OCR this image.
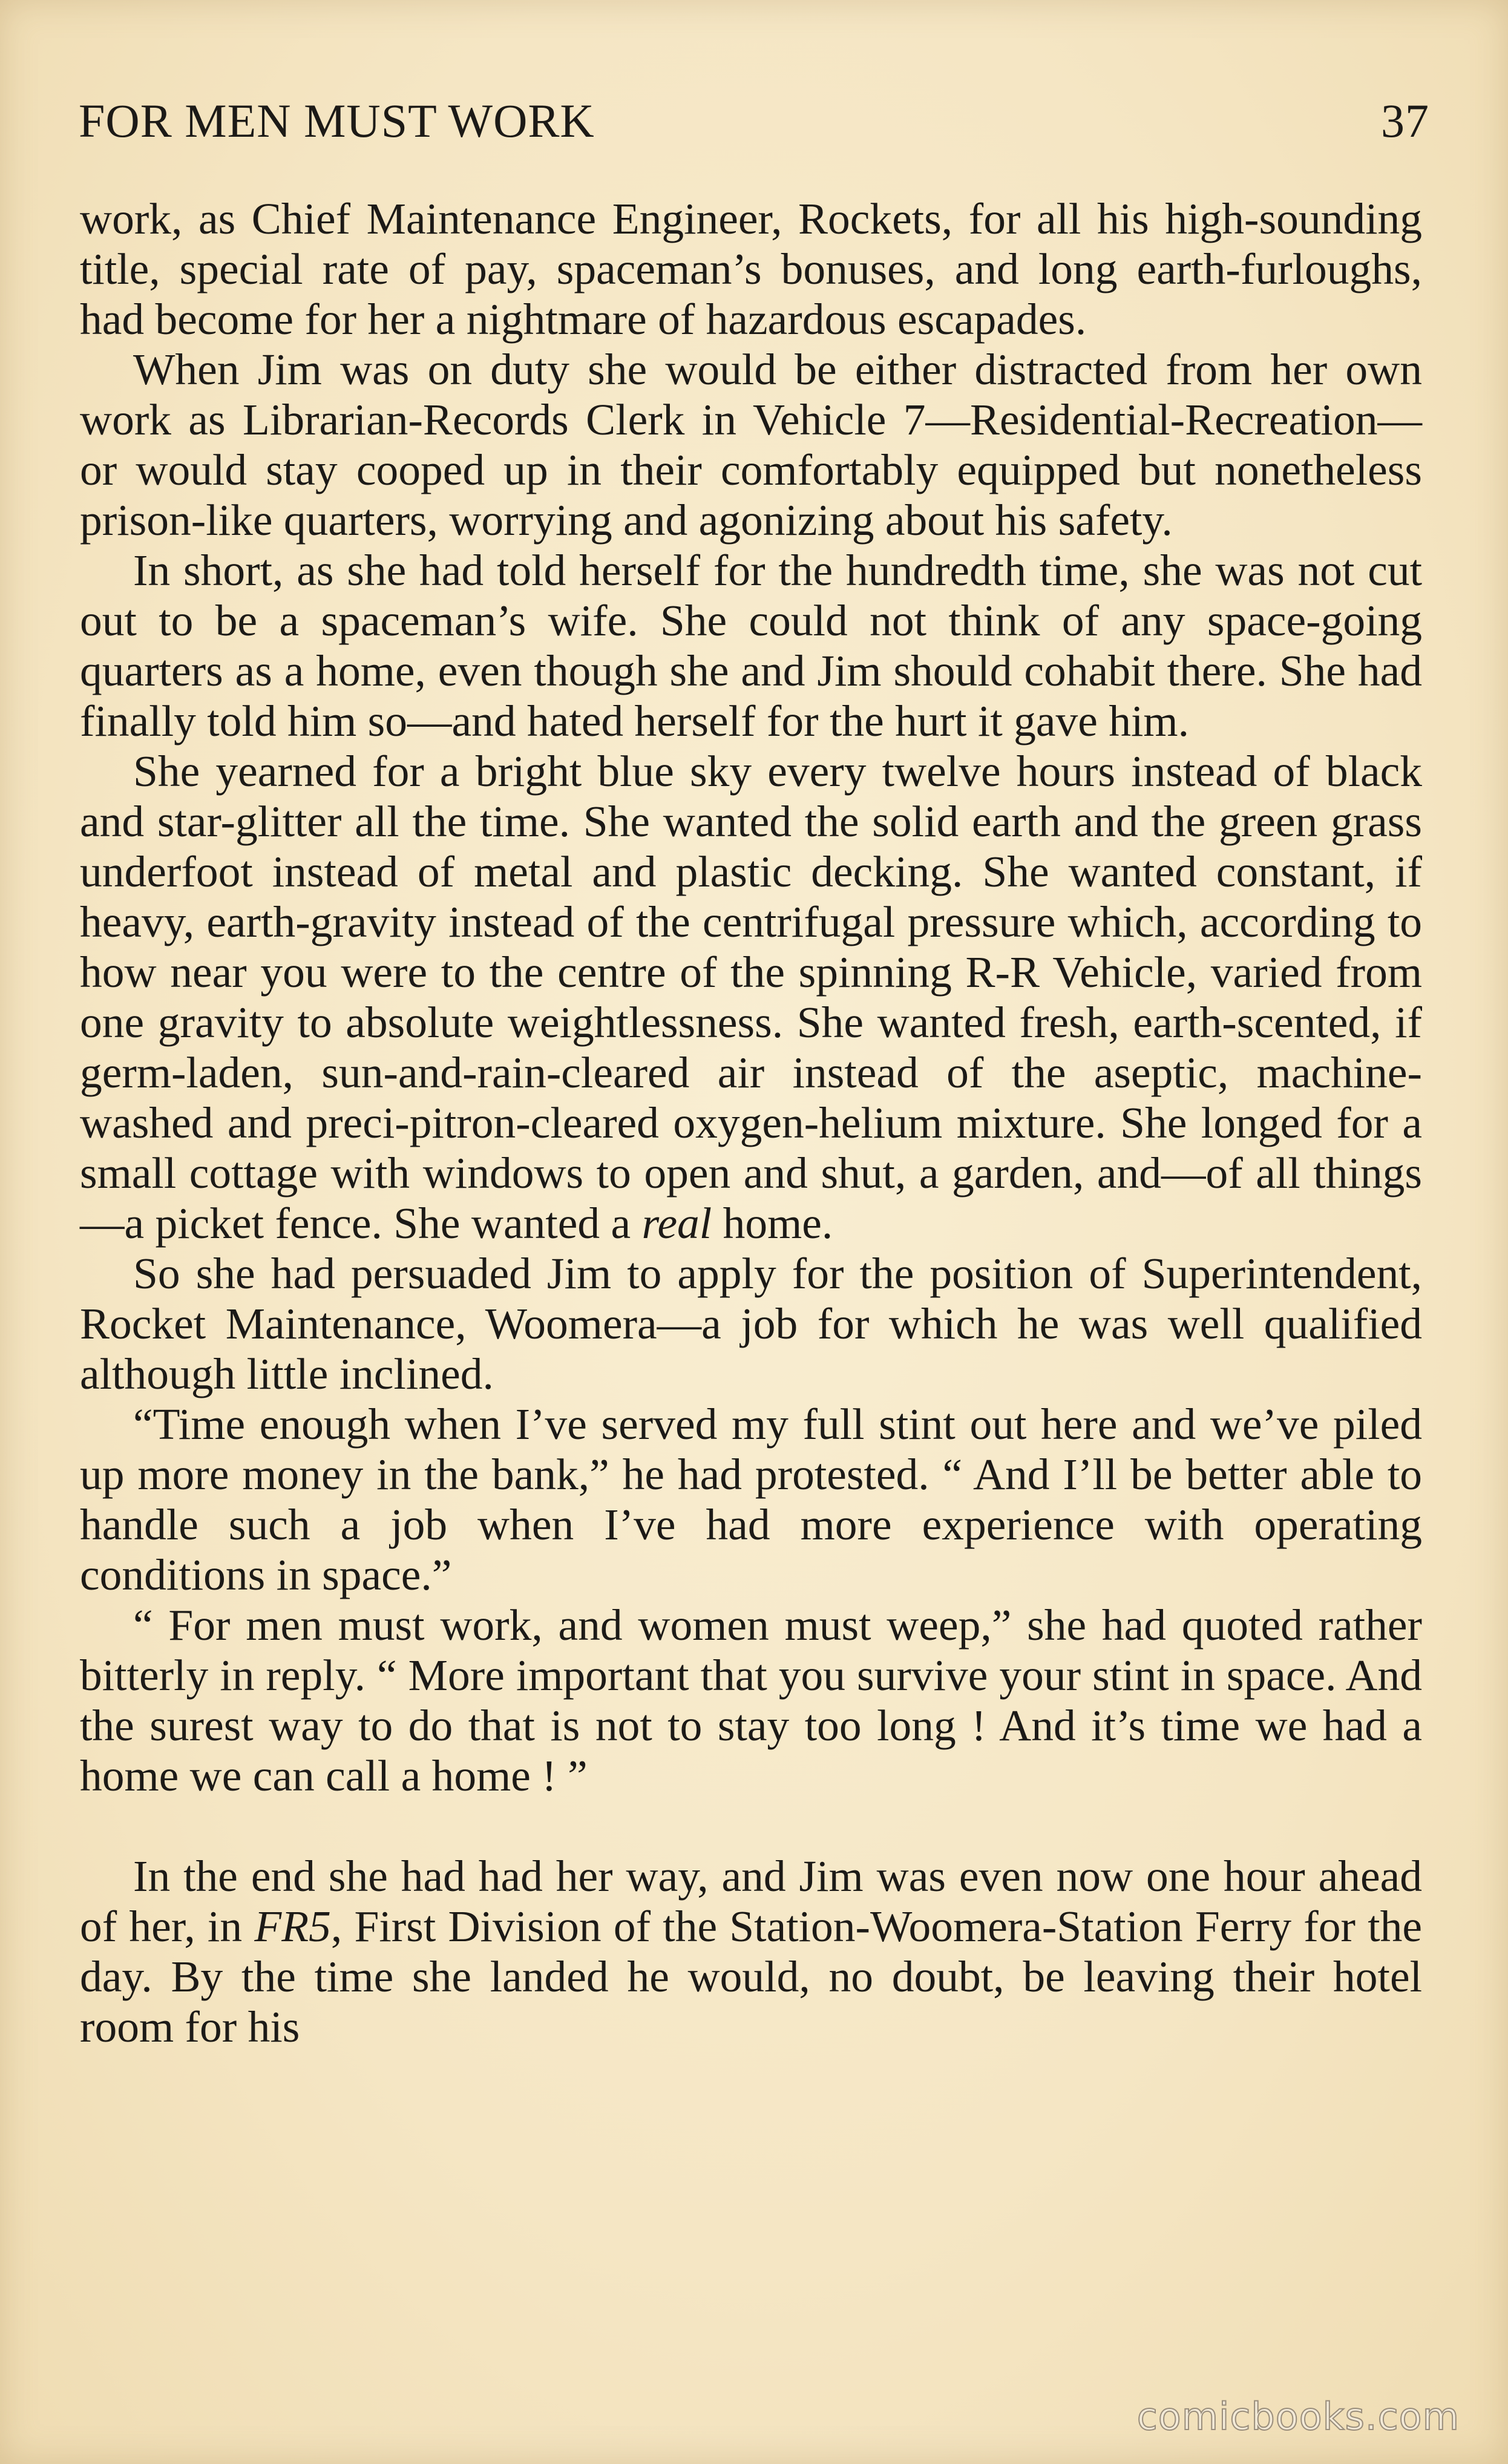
FOR MEN MUST WORK	37

work, as Chief Maintenance Engineer, Rockets, for all his high-sounding title, special rate of pay, spaceman’s bonuses, and long earth-furloughs, had become for her a nightmare of hazardous escapades.

When Jim was on duty she would be either distracted from her own work as Librarian-Records Clerk in Vehicle 7—Residential-Recreation—or would stay cooped up in their comfortably equipped but nonetheless prison-like quarters, worrying and agonizing about his safety.

In short, as she had told herself for the hundredth time, she was not cut out to be a spaceman’s wife. She could not think of any space-going quarters as a home, even though she and Jim should cohabit there. She had finally told him so—and hated herself for the hurt it gave him.

She yearned for a bright blue sky every twelve hours instead of black and star-glitter all the time. She wanted the solid earth and the green grass underfoot instead of metal and plastic decking. She wanted constant, if heavy, earth-gravity instead of the centrifugal pressure which, according to how near you were to the centre of the spinning R-R Vehicle, varied from one gravity to absolute weightlessness. She wanted fresh, earth-scented, if germ-laden, sun-and-rain-cleared air instead of the aseptic, machine-washed and preci-pitron-cleared oxygen-helium mixture. She longed for a small cottage with windows to open and shut, a garden, and—of all things—a picket fence. She wanted a real home.

So she had persuaded Jim to apply for the position of Superintendent, Rocket Maintenance, Woomera—a job for which he was well qualified although little inclined.

“Time enough when I’ve served my full stint out here and we’ve piled up more money in the bank,” he had protested. “ And I’ll be better able to handle such a job when I’ve had more experience with operating conditions in space.”

“ For men must work, and women must weep,” she had quoted rather bitterly in reply. “ More important that you survive your stint in space. And the surest way to do that is not to stay too long ! And it’s time we had a home we can call a home ! ”

In the end she had had her way, and Jim was even now one hour ahead of her, in FR5, First Division of the Station-Woomera-Station Ferry for the day. By the time she landed he would, no doubt, be leaving their hotel room for his

comicbooks.com
